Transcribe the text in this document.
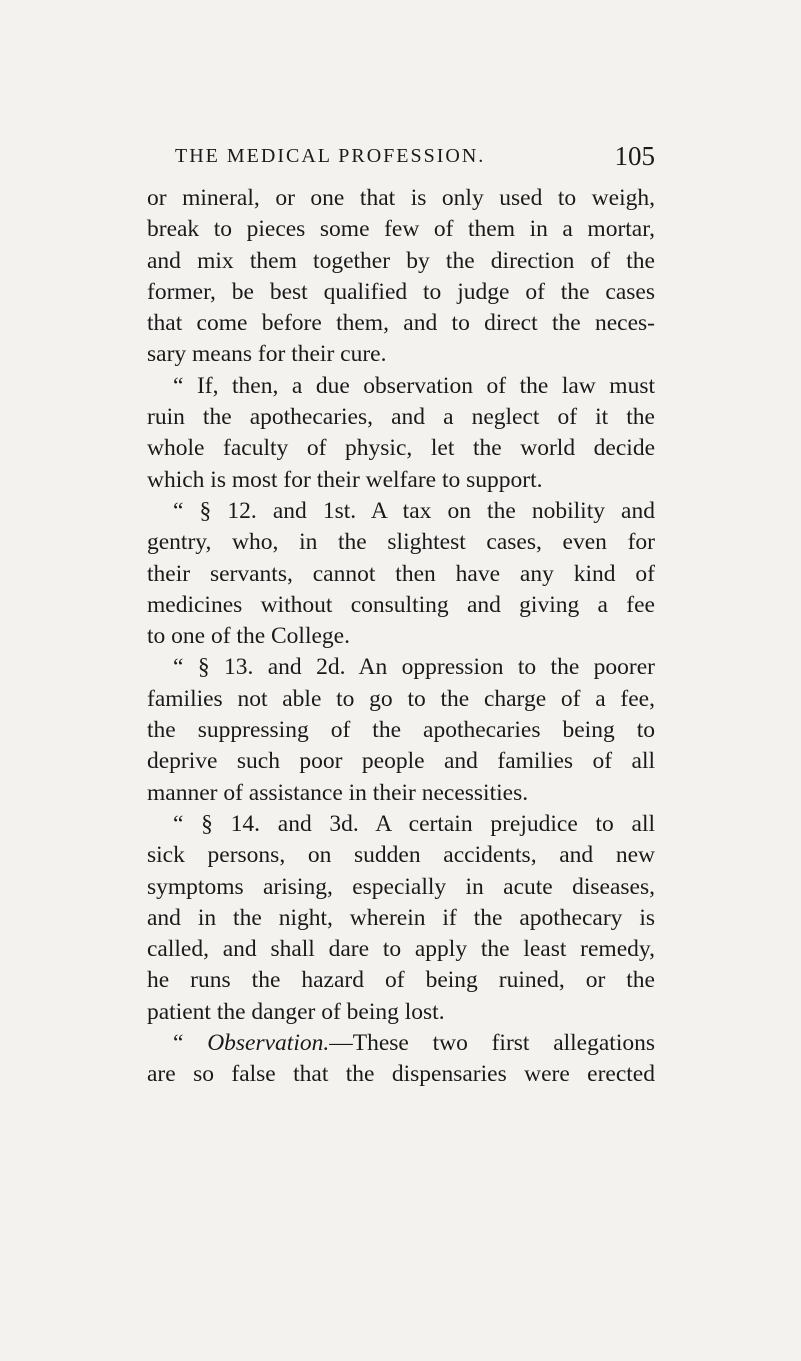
THE MEDICAL PROFESSION.	105
or mineral, or one that is only used to weigh,
break to pieces some few of them in a mortar,
and mix them together by the direction of the
former, be best qualified to judge of the cases
that come before them, and to direct the neces-
sary means for their cure.
“ If, then, a due observation of the law must
ruin the apothecaries, and a neglect of it the
whole faculty of physic, let the world decide
which is most for their welfare to support.
“ § 12. and 1st. A tax on the nobility and
gentry, who, in the slightest cases, even for
their servants, cannot then have any kind of
medicines without consulting and giving a fee
to one of the College.
“ § 13. and 2d. An oppression to the poorer
families not able to go to the charge of a fee,
the suppressing of the apothecaries being to
deprive such poor people and families of all
manner of assistance in their necessities.
“ § 14. and 3d. A certain prejudice to all
sick persons, on sudden accidents, and new
symptoms arising, especially in acute diseases,
and in the night, wherein if the apothecary is
called, and shall dare to apply the least remedy,
he runs the hazard of being ruined, or the
patient the danger of being lost.
“ Observation.—These two first allegations
are so false that the dispensaries were erected
